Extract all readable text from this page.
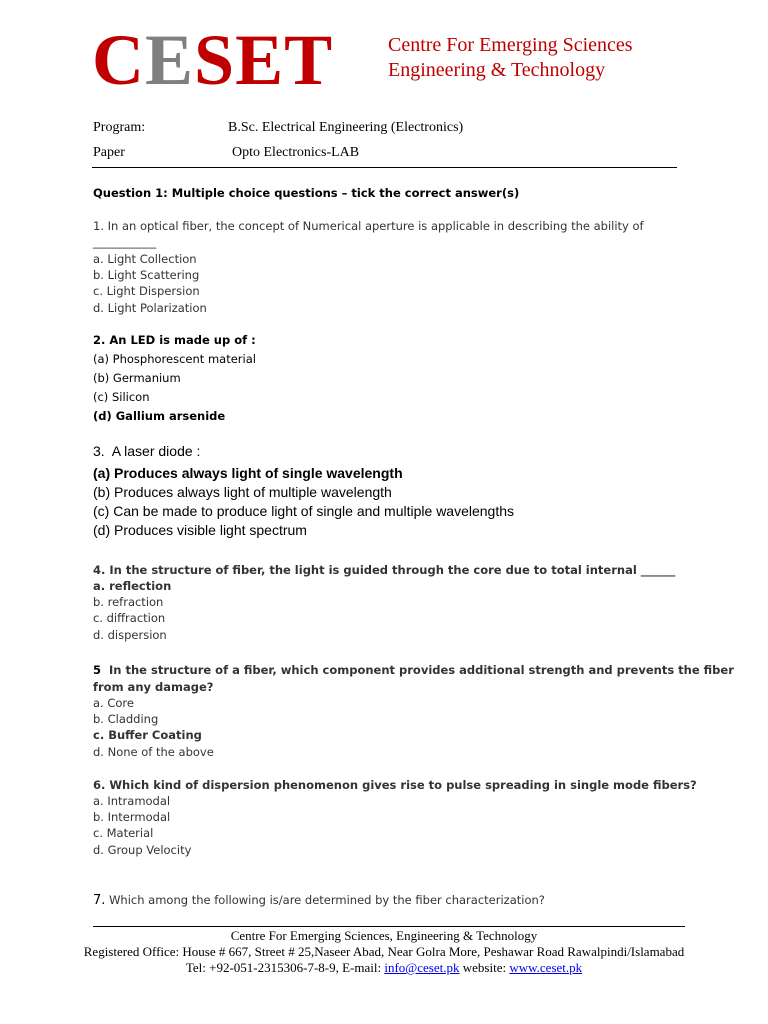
CESET	Centre For Emerging Sciences
Engineering & Technology
Program:	B.Sc. Electrical Engineering (Electronics)
Paper	Opto Electronics-LAB
Question 1: Multiple choice questions – tick the correct answer(s)
1. In an optical fiber, the concept of Numerical aperture is applicable in describing the ability of
___________
a. Light Collection
b. Light Scattering
c. Light Dispersion
d. Light Polarization
2. An LED is made up of :
(a) Phosphorescent material
(b) Germanium
(c) Silicon
(d) Gallium arsenide
3. A laser diode :
(a) Produces always light of single wavelength
(b) Produces always light of multiple wavelength
(c) Can be made to produce light of single and multiple wavelengths
(d) Produces visible light spectrum
4. In the structure of fiber, the light is guided through the core due to total internal ______
a. reflection
b. refraction
c. diffraction
d. dispersion
5 In the structure of a fiber, which component provides additional strength and prevents the fiber
from any damage?
a. Core
b. Cladding
c. Buffer Coating
d. None of the above
6. Which kind of dispersion phenomenon gives rise to pulse spreading in single mode fibers?
a. Intramodal
b. Intermodal
c. Material
d. Group Velocity
7. Which among the following is/are determined by the fiber characterization?
Centre For Emerging Sciences, Engineering & Technology
Registered Office: House # 667, Street # 25,Naseer Abad, Near Golra More, Peshawar Road Rawalpindi/Islamabad
Tel: +92-051-2315306-7-8-9, E-mail: info@ceset.pk website: www.ceset.pk
